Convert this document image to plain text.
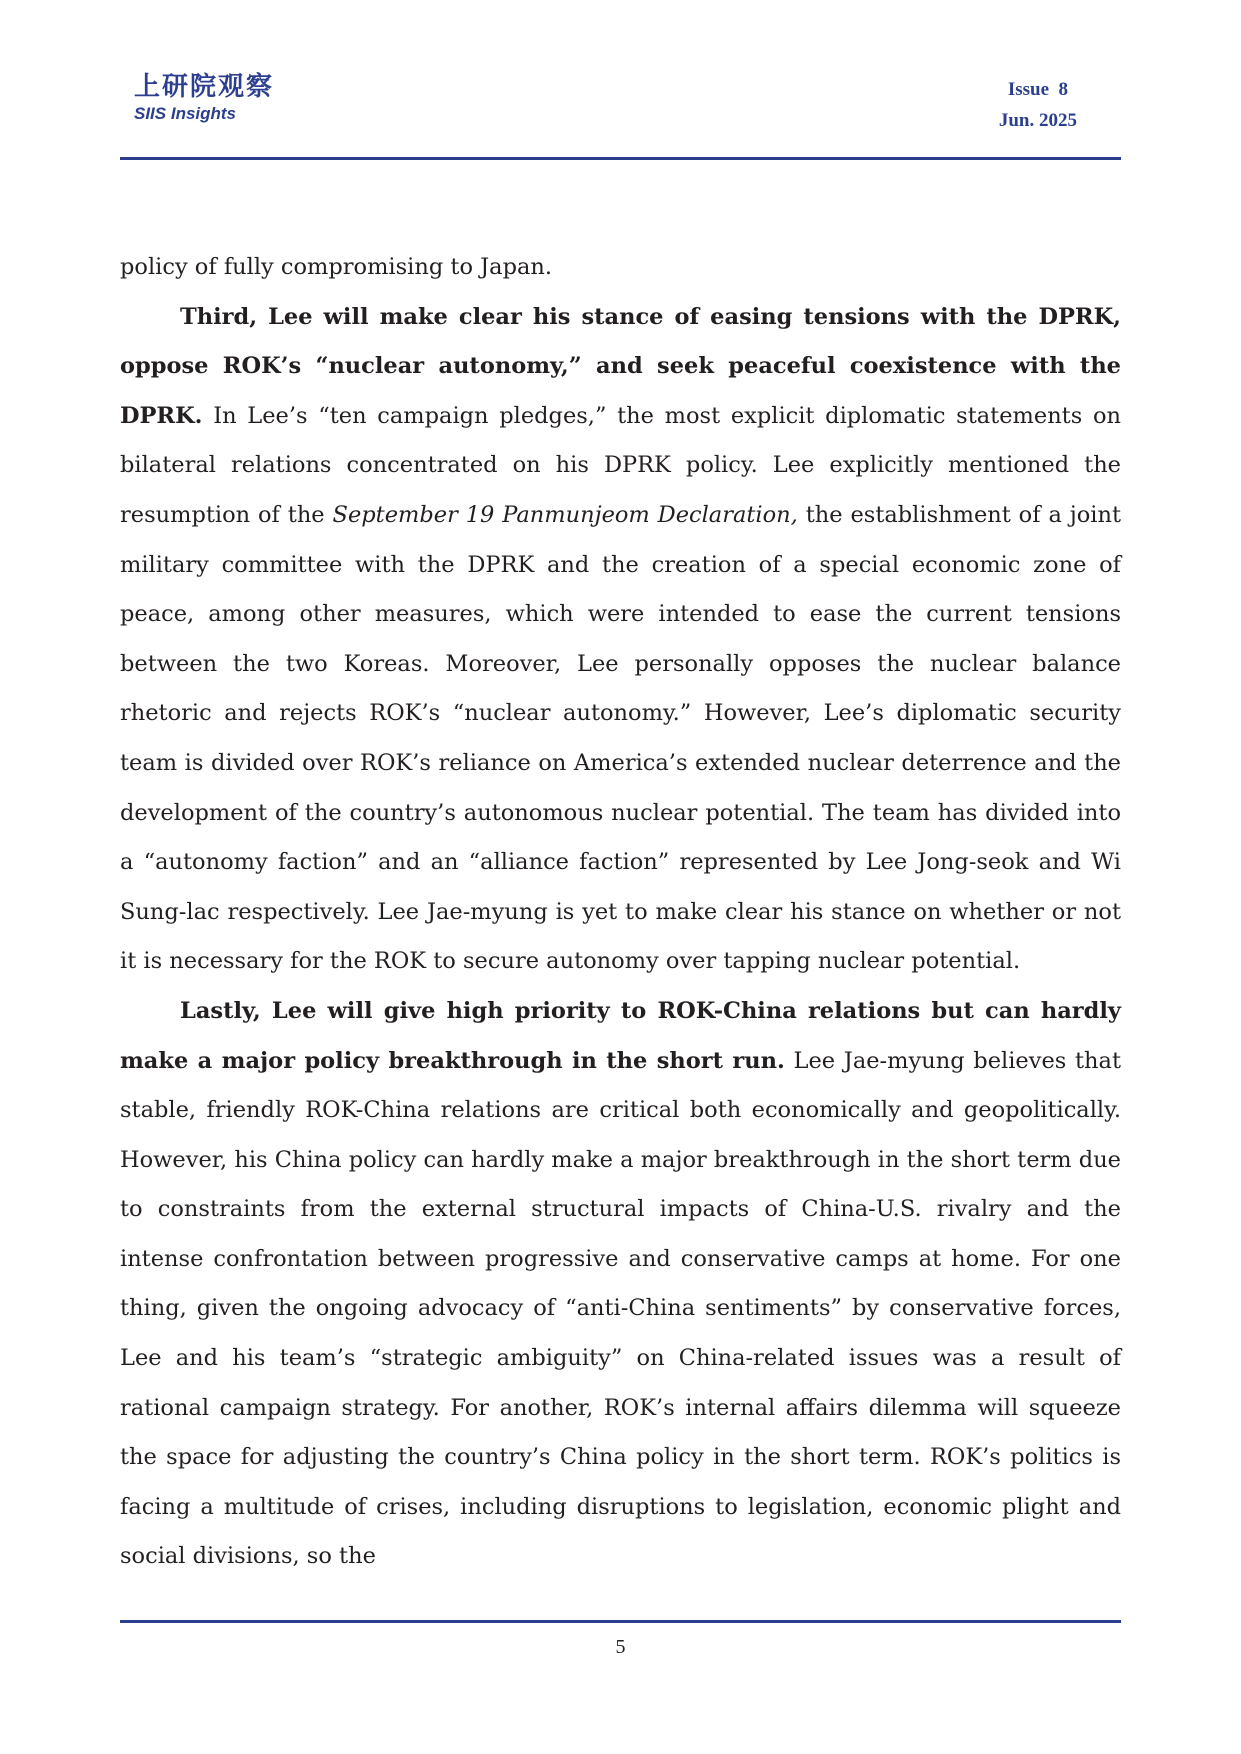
上研院观察
SIIS Insights
Issue  8
Jun. 2025

policy of fully compromising to Japan.

Third, Lee will make clear his stance of easing tensions with the DPRK, oppose ROK’s “nuclear autonomy,” and seek peaceful coexistence with the DPRK. In Lee’s “ten campaign pledges,” the most explicit diplomatic statements on bilateral relations concentrated on his DPRK policy. Lee explicitly mentioned the resumption of the September 19 Panmunjeom Declaration, the establishment of a joint military committee with the DPRK and the creation of a special economic zone of peace, among other measures, which were intended to ease the current tensions between the two Koreas. Moreover, Lee personally opposes the nuclear balance rhetoric and rejects ROK’s “nuclear autonomy.” However, Lee’s diplomatic security team is divided over ROK’s reliance on America’s extended nuclear deterrence and the development of the country’s autonomous nuclear potential. The team has divided into a “autonomy faction” and an “alliance faction” represented by Lee Jong-seok and Wi Sung-lac respectively. Lee Jae-myung is yet to make clear his stance on whether or not it is necessary for the ROK to secure autonomy over tapping nuclear potential.

Lastly, Lee will give high priority to ROK-China relations but can hardly make a major policy breakthrough in the short run. Lee Jae-myung believes that stable, friendly ROK-China relations are critical both economically and geopolitically. However, his China policy can hardly make a major breakthrough in the short term due to constraints from the external structural impacts of China-U.S. rivalry and the intense confrontation between progressive and conservative camps at home. For one thing, given the ongoing advocacy of “anti-China sentiments” by conservative forces, Lee and his team’s “strategic ambiguity” on China-related issues was a result of rational campaign strategy. For another, ROK’s internal affairs dilemma will squeeze the space for adjusting the country’s China policy in the short term. ROK’s politics is facing a multitude of crises, including disruptions to legislation, economic plight and social divisions, so the

5
